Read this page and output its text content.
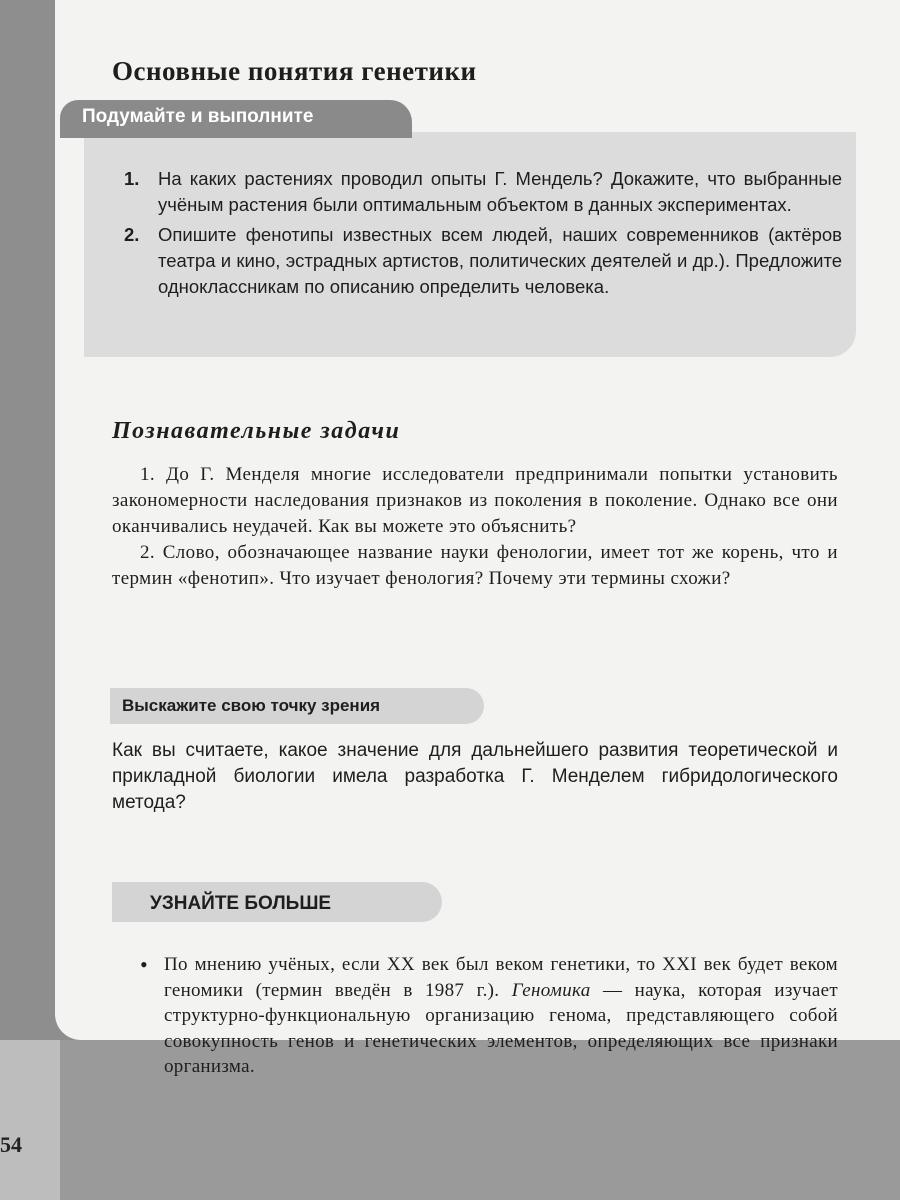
Подумайте и выполните
Основные понятия генетики
1.	На каких растениях проводил опыты Г. Мендель? Докажите, что выбранные учёным растения были оптимальным объектом в данных экспериментах.
2.	Опишите фенотипы известных всем людей, наших современников (актёров театра и кино, эстрадных артистов, политических деятелей и др.). Предложите одноклассникам по описанию определить человека.
Познавательные задачи

1. До Г. Менделя многие исследователи предпринимали попытки установить закономерности наследования признаков из поколения в поколение. Однако все они оканчивались неудачей. Как вы можете это объяснить?

2. Слово, обозначающее название науки фенологии, имеет тот же корень, что и термин «фенотип». Что изучает фенология? Почему эти термины схожи?

Выскажите свою точку зрения

Как вы считаете, какое значение для дальнейшего развития теоретической и прикладной биологии имела разработка Г. Менделем гибридологического метода?

УЗНАЙТЕ БОЛЬШЕ
• По мнению учёных, если XX век был веком генетики, то XXI век будет веком геномики (термин введён в 1987 г.). Геномика — наука, которая изучает структурно-функциональную организацию генома, представляющего собой совокупность генов и генетических элементов, определяющих все признаки организма.
54
